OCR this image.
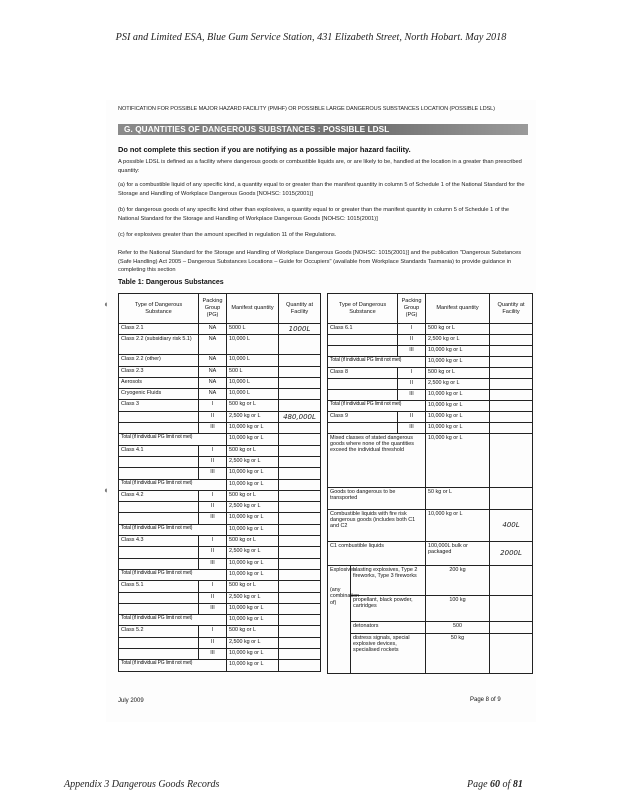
PSI and Limited ESA, Blue Gum Service Station, 431 Elizabeth Street, North Hobart. May 2018
◖
◖
NOTIFICATION FOR POSSIBLE MAJOR HAZARD FACILITY (PMHF) OR POSSIBLE LARGE DANGEROUS SUBSTANCES LOCATION (POSSIBLE LDSL)
G. QUANTITIES OF DANGEROUS SUBSTANCES : POSSIBLE LDSL
Do not complete this section if you are notifying as a possible major hazard facility.
A possible LDSL is defined as a facility where dangerous goods or combustible liquids are, or are likely to be, handled at the location in a greater than prescribed quantity:
(a) for a combustible liquid of any specific kind, a quantity equal to or greater than the manifest quantity in column 5 of Schedule 1 of the National Standard for the Storage and Handling of Workplace Dangerous Goods [NOHSC: 1015(2001)]
(b) for dangerous goods of any specific kind other than explosives, a quantity equal to or greater than the manifest quantity in column 5 of Schedule 1 of the National Standard for the Storage and Handling of Workplace Dangerous Goods [NOHSC: 1015(2001)]
(c) for explosives greater than the amount specified in regulation 11 of the Regulations.
Refer to the National Standard for the Storage and Handling of Workplace Dangerous Goods [NOHSC: 1015(2001)] and the publication "Dangerous Substances (Safe Handling) Act 2005 – Dangerous Substances Locations – Guide for Occupiers" (available from Workplace Standards Tasmania) to provide guidance in completing this section
Table 1: Dangerous Substances
Type of Dangerous Substance	Packing Group (PG)	Manifest quantity	Quantity at Facility
Class 2.1	NA	5000 L	1000L
Class 2.2 (subsidiary risk 5.1)	NA	10,000 L	
Class 2.2 (other)	NA	10,000 L	
Class 2.3	NA	500 L	
Aerosols	NA	10,000 L	
Cryogenic Fluids	NA	10,000 L	
Class 3	I	500 kg or L	
	II	2,500 kg or L	480,000L
	III	10,000 kg or L	
Total (if individual PG limit not met)		10,000 kg or L	
Class 4.1	I	500 kg or L	
	II	2,500 kg or L	
	III	10,000 kg or L	
Total (if individual PG limit not met)		10,000 kg or L	
Class 4.2	I	500 kg or L	
	II	2,500 kg or L	
	III	10,000 kg or L	
Total (if individual PG limit not met)		10,000 kg or L	
Class 4.3	I	500 kg or L	
	II	2,500 kg or L	
	III	10,000 kg or L	
Total (if individual PG limit not met)		10,000 kg or L	
Class 5.1	I	500 kg or L	
	II	2,500 kg or L	
	III	10,000 kg or L	
Total (if individual PG limit not met)		10,000 kg or L	
Class 5.2	I	500 kg or L	
	II	2,500 kg or L	
	III	10,000 kg or L	
Total (if individual PG limit not met)		10,000 kg or L	
Type of Dangerous Substance		Packing Group (PG)	Manifest quantity	Quantity at Facility
Class 6.1		I	500 kg or L	
		II	2,500 kg or L	
		III	10,000 kg or L	
Total (if individual PG limit not met)			10,000 kg or L	
Class 8		I	500 kg or L	
		II	2,500 kg or L	
		III	10,000 kg or L	
Total (if individual PG limit not met)			10,000 kg or L	
Class 9		II	10,000 kg or L	
		III	10,000 kg or L	
Mixed classes of stated dangerous goods where none of the quantities exceed the individual threshold			10,000 kg or L	
Goods too dangerous to be transported			50 kg or L	
Combustible liquids with fire risk dangerous goods (includes both C1 and C2			10,000 kg or L	400L
C1 combustible liquids			100,000L bulk or packaged	2000L

Explosives
(any combination of)	blasting explosives, Type 2 fireworks, Type 3 fireworks		200 kg	
	propellant, black powder, cartridges		100 kg	
	detonators		500	
	distress signals, special explosive devices, specialised rockets		50 kg	
July 2009	Page 8 of 9
Appendix 3 Dangerous Goods Records	Page 60 of 81
